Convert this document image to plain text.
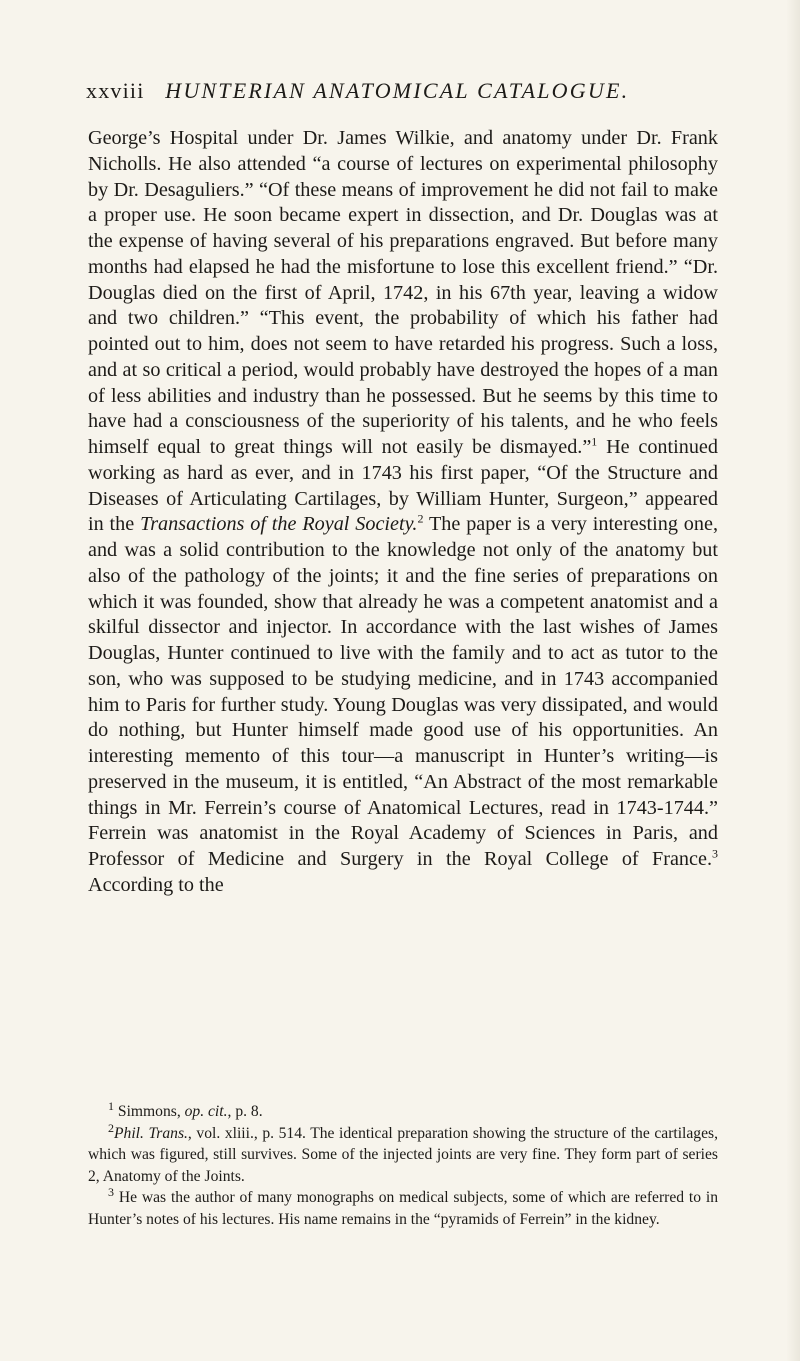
xxviii HUNTERIAN ANATOMICAL CATALOGUE.

George’s Hospital under Dr. James Wilkie, and anatomy under Dr. Frank Nicholls. He also attended “a course of lectures on experimental philosophy by Dr. Desaguliers.” “Of these means of improvement he did not fail to make a proper use. He soon became expert in dissection, and Dr. Douglas was at the expense of having several of his preparations engraved. But before many months had elapsed he had the misfortune to lose this excellent friend.” “Dr. Douglas died on the first of April, 1742, in his 67th year, leaving a widow and two children.” “This event, the probability of which his father had pointed out to him, does not seem to have retarded his progress. Such a loss, and at so critical a period, would probably have destroyed the hopes of a man of less abilities and industry than he possessed. But he seems by this time to have had a consciousness of the superiority of his talents, and he who feels himself equal to great things will not easily be dismayed.”$^1$ He continued working as hard as ever, and in 1743 his first paper, “Of the Structure and Diseases of Articulating Cartilages, by William Hunter, Surgeon,” appeared in the Transactions of the Royal Society.$^2$ The paper is a very interesting one, and was a solid contribution to the knowledge not only of the anatomy but also of the pathology of the joints; it and the fine series of preparations on which it was founded, show that already he was a competent anatomist and a skilful dissector and injector. In accordance with the last wishes of James Douglas, Hunter continued to live with the family and to act as tutor to the son, who was supposed to be studying medicine, and in 1743 accompanied him to Paris for further study. Young Douglas was very dissipated, and would do nothing, but Hunter himself made good use of his opportunities. An interesting memento of this tour—a manuscript in Hunter’s writing—is preserved in the museum, it is entitled, “An Abstract of the most remarkable things in Mr. Ferrein’s course of Anatomical Lectures, read in 1743-1744.” Ferrein was anatomist in the Royal Academy of Sciences in Paris, and Professor of Medicine and Surgery in the Royal College of France.$^3$ According to the

$^1$ Simmons, op. cit., p. 8.

$^2$Phil. Trans., vol. xliii., p. 514. The identical preparation showing the structure of the cartilages, which was figured, still survives. Some of the injected joints are very fine. They form part of series 2, Anatomy of the Joints.

$^3$ He was the author of many monographs on medical subjects, some of which are referred to in Hunter’s notes of his lectures. His name remains in the “pyramids of Ferrein” in the kidney.
